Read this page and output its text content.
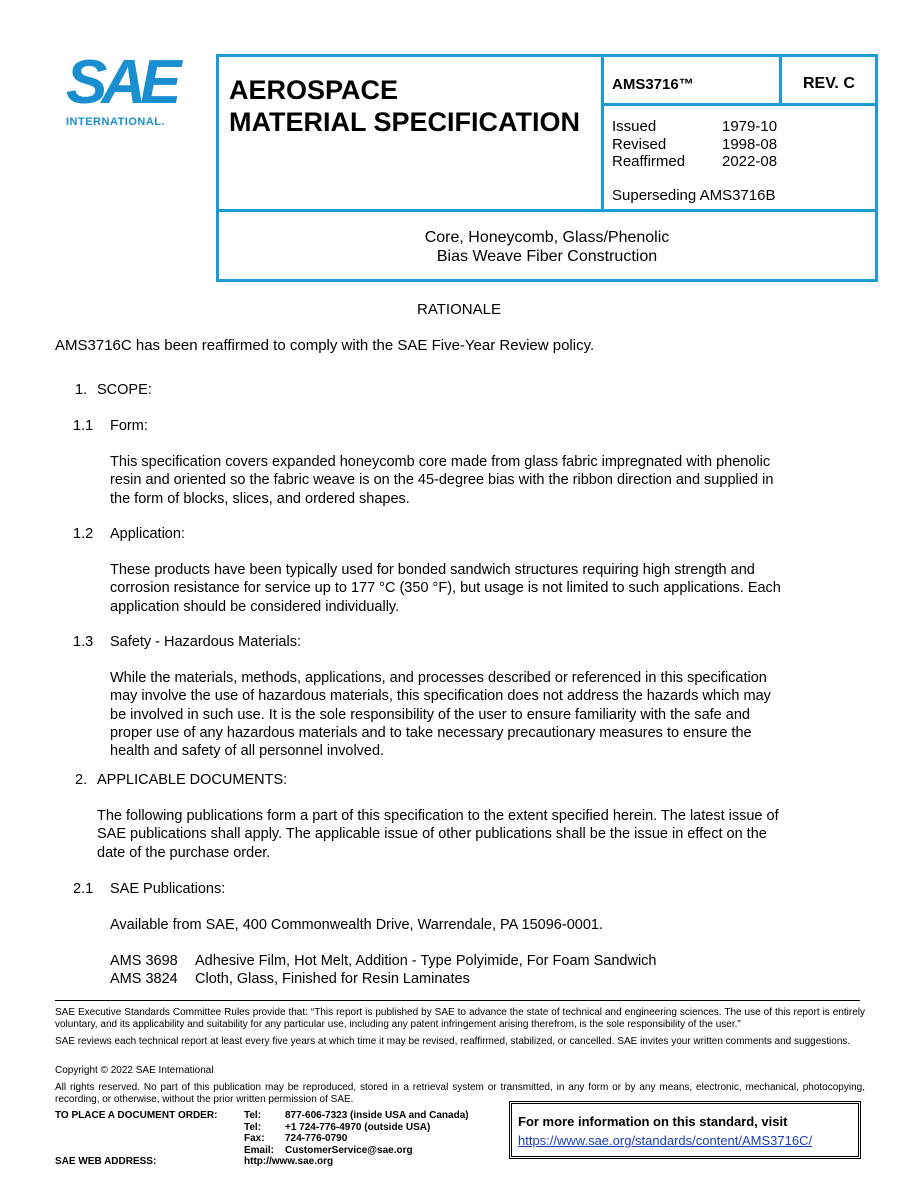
SAE
INTERNATIONAL.
AEROSPACE
MATERIAL SPECIFICATION
AMS3716™	REV. C
Issued	1979-10
Revised	1998-08
Reaffirmed	2022-08
Superseding AMS3716B
Core, Honeycomb, Glass/Phenolic
Bias Weave Fiber Construction
RATIONALE
AMS3716C has been reaffirmed to comply with the SAE Five-Year Review policy.
1. SCOPE:
1.1 Form:
This specification covers expanded honeycomb core made from glass fabric impregnated with phenolic resin and oriented so the fabric weave is on the 45-degree bias with the ribbon direction and supplied in the form of blocks, slices, and ordered shapes.
1.2 Application:
These products have been typically used for bonded sandwich structures requiring high strength and corrosion resistance for service up to 177 °C (350 °F), but usage is not limited to such applications. Each application should be considered individually.
1.3 Safety - Hazardous Materials:
While the materials, methods, applications, and processes described or referenced in this specification may involve the use of hazardous materials, this specification does not address the hazards which may be involved in such use. It is the sole responsibility of the user to ensure familiarity with the safe and proper use of any hazardous materials and to take necessary precautionary measures to ensure the health and safety of all personnel involved.
2. APPLICABLE DOCUMENTS:
The following publications form a part of this specification to the extent specified herein. The latest issue of SAE publications shall apply. The applicable issue of other publications shall be the issue in effect on the date of the purchase order.
2.1 SAE Publications:
Available from SAE, 400 Commonwealth Drive, Warrendale, PA 15096-0001.
AMS 3698 Adhesive Film, Hot Melt, Addition - Type Polyimide, For Foam Sandwich
AMS 3824 Cloth, Glass, Finished for Resin Laminates
SAE Executive Standards Committee Rules provide that: “This report is published by SAE to advance the state of technical and engineering sciences. The use of this report is entirely voluntary, and its applicability and suitability for any particular use, including any patent infringement arising therefrom, is the sole responsibility of the user.”
SAE reviews each technical report at least every five years at which time it may be revised, reaffirmed, stabilized, or cancelled. SAE invites your written comments and suggestions.
Copyright © 2022 SAE International
All rights reserved. No part of this publication may be reproduced, stored in a retrieval system or transmitted, in any form or by any means, electronic, mechanical, photocopying, recording, or otherwise, without the prior written permission of SAE.
TO PLACE A DOCUMENT ORDER:	Tel: 877-606-7323 (inside USA and Canada)
Tel: +1 724-776-4970 (outside USA)
Fax: 724-776-0790
Email: CustomerService@sae.org
http://www.sae.org
SAE WEB ADDRESS:
For more information on this standard, visit
https://www.sae.org/standards/content/AMS3716C/
